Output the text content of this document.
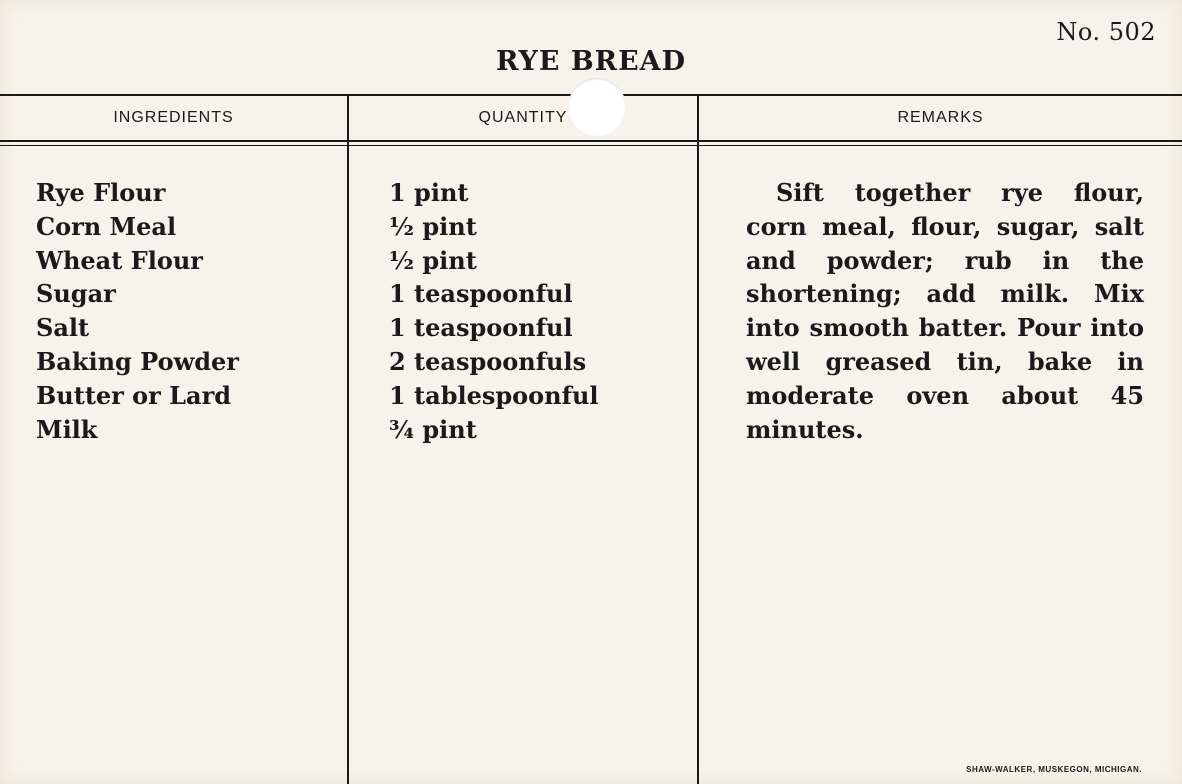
No. 502
RYE BREAD
INGREDIENTS	QUANTITY	REMARKS
Rye Flour
Corn Meal
Wheat Flour
Sugar
Salt
Baking Powder
Butter or Lard
Milk
1 pint
½ pint
½ pint
1 teaspoonful
1 teaspoonful
2 teaspoonfuls
1 tablespoonful
¾ pint
Sift together rye flour, corn meal, flour, sugar, salt and powder; rub in the shortening; add milk. Mix into smooth batter. Pour into well greased tin, bake in moderate oven about 45 minutes.
SHAW-WALKER, MUSKEGON, MICHIGAN.
